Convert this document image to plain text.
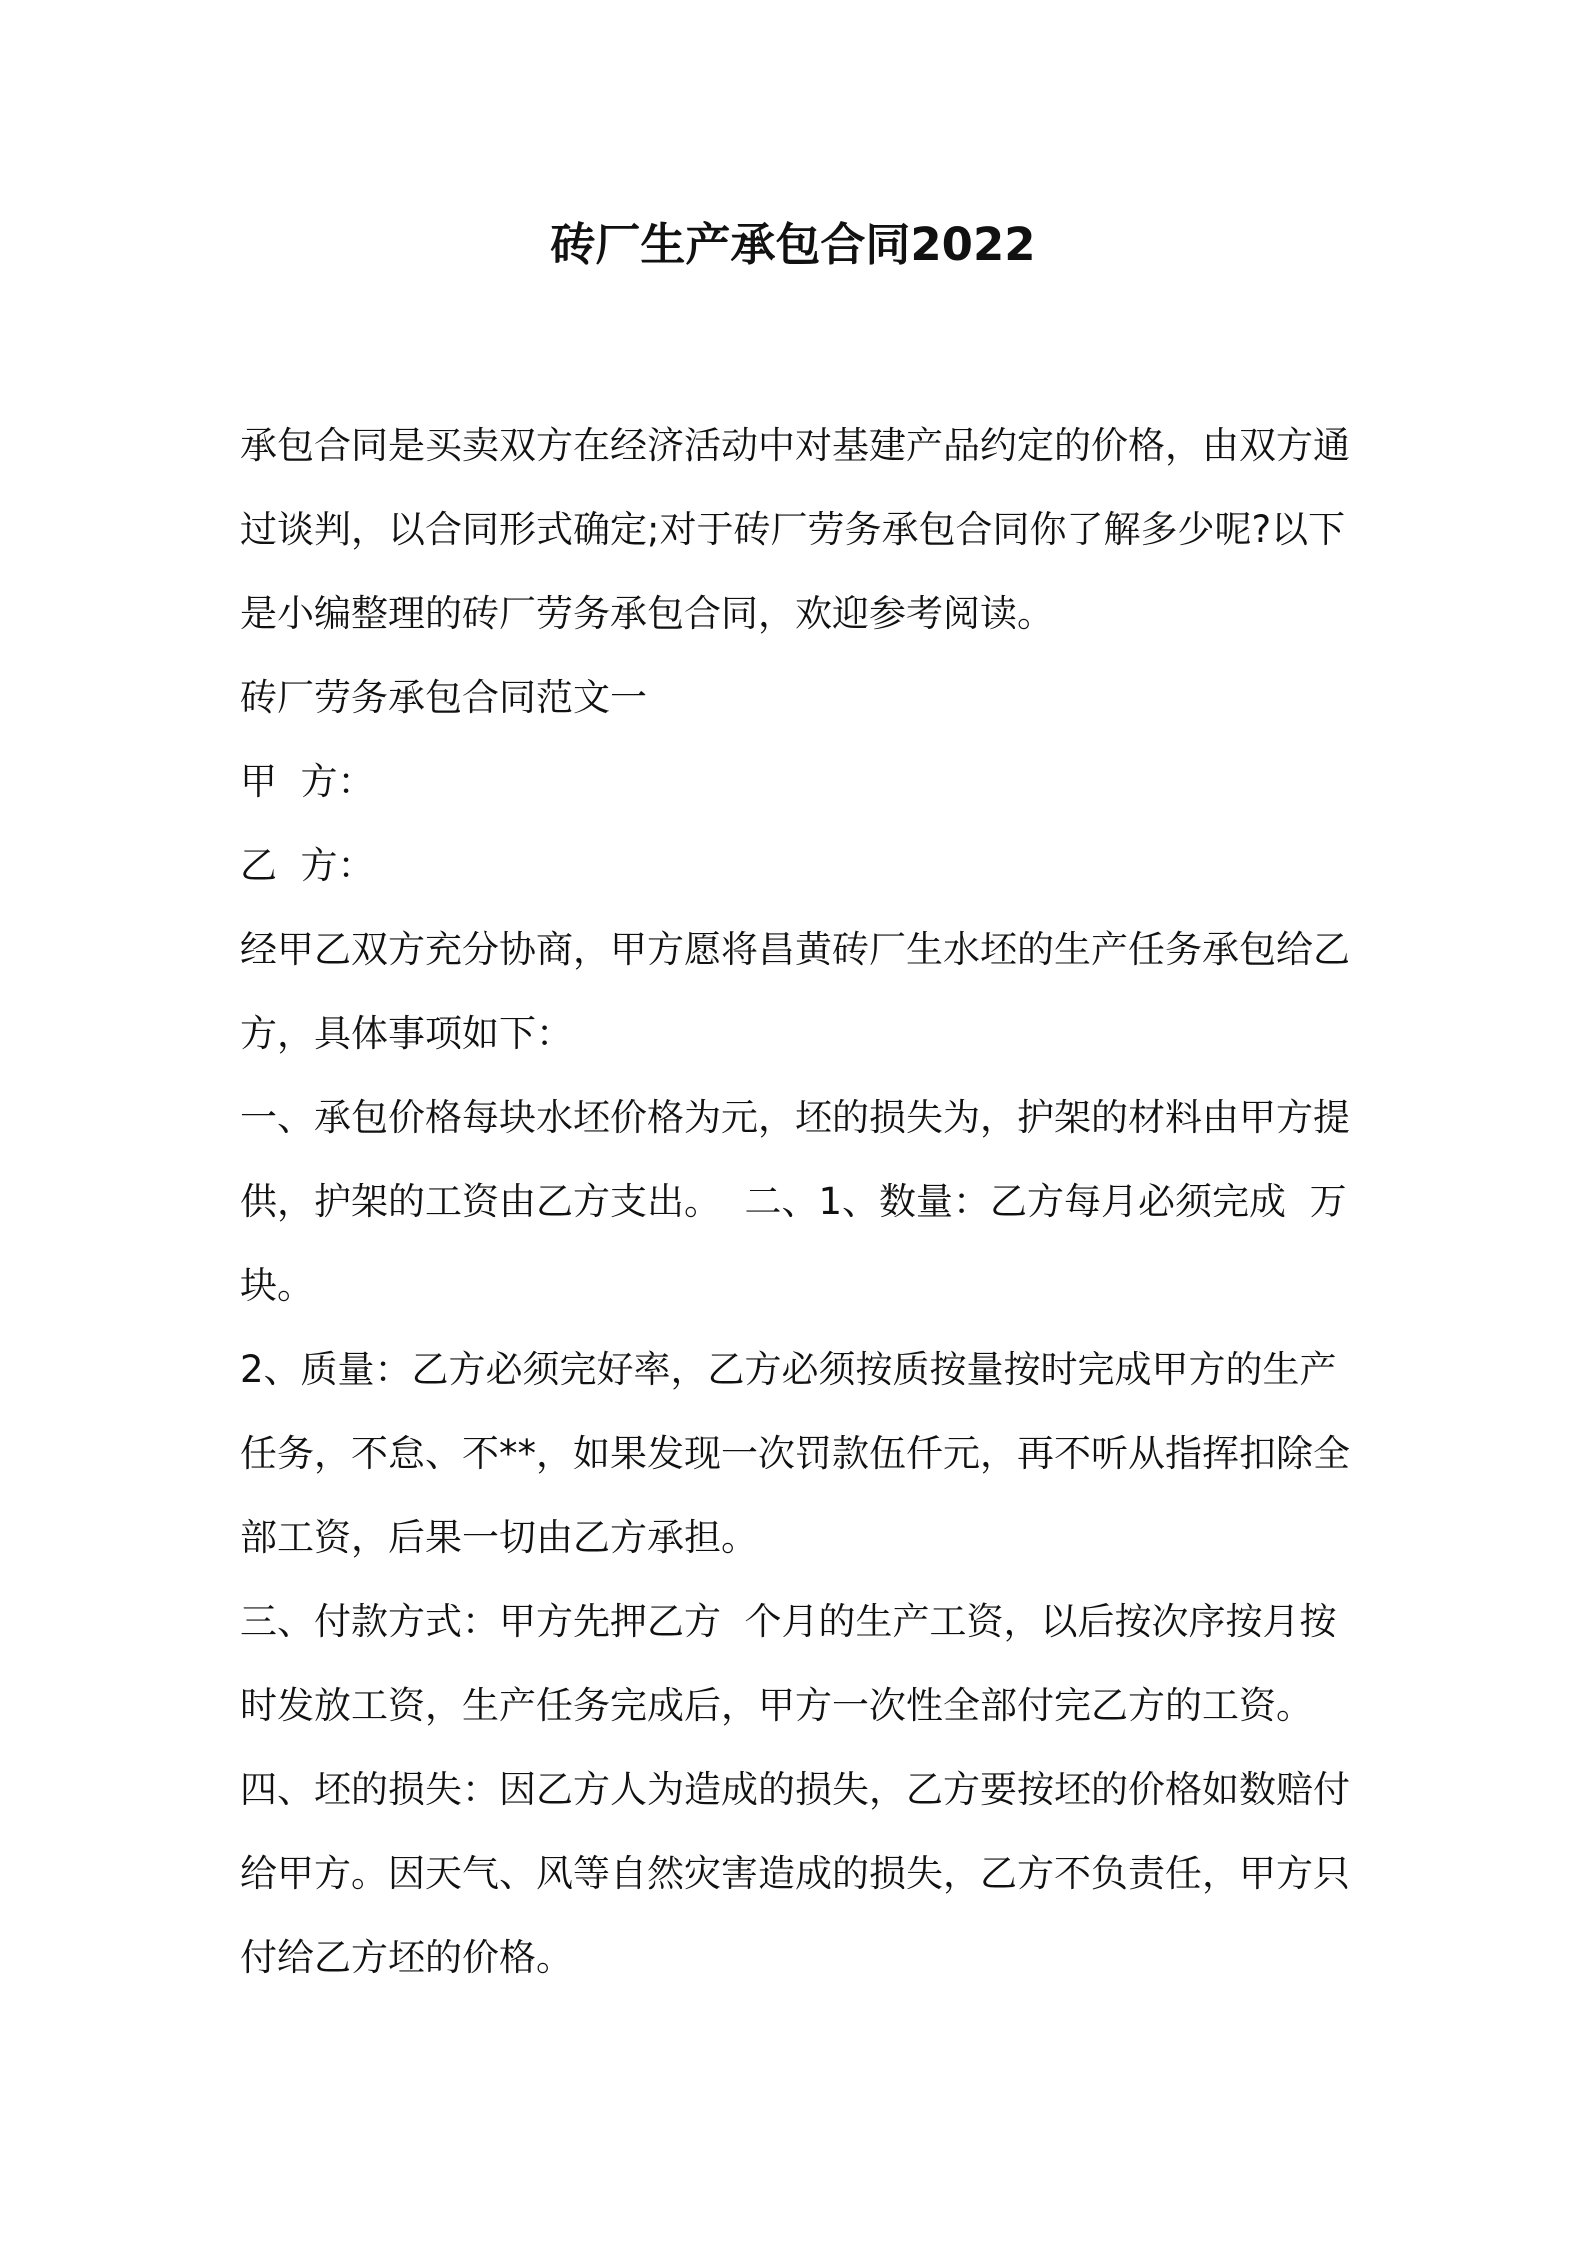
砖厂生产承包合同2022
承包合同是买卖双方在经济活动中对基建产品约定的价格，由双方通
过谈判，以合同形式确定;对于砖厂劳务承包合同你了解多少呢?以下
是小编整理的砖厂劳务承包合同，欢迎参考阅读。
砖厂劳务承包合同范文一
甲  方：
乙  方：
经甲乙双方充分协商，甲方愿将昌黄砖厂生水坯的生产任务承包给乙
方，具体事项如下：
一、承包价格每块水坯价格为元，坯的损失为，护架的材料由甲方提
供，护架的工资由乙方支出。  二、1、数量：乙方每月必须完成  万
块。
2、质量：乙方必须完好率，乙方必须按质按量按时完成甲方的生产
任务，不怠、不**，如果发现一次罚款伍仟元，再不听从指挥扣除全
部工资，后果一切由乙方承担。
三、付款方式：甲方先押乙方  个月的生产工资，以后按次序按月按
时发放工资，生产任务完成后，甲方一次性全部付完乙方的工资。
四、坯的损失：因乙方人为造成的损失，乙方要按坯的价格如数赔付
给甲方。因天气、风等自然灾害造成的损失，乙方不负责任，甲方只
付给乙方坯的价格。
